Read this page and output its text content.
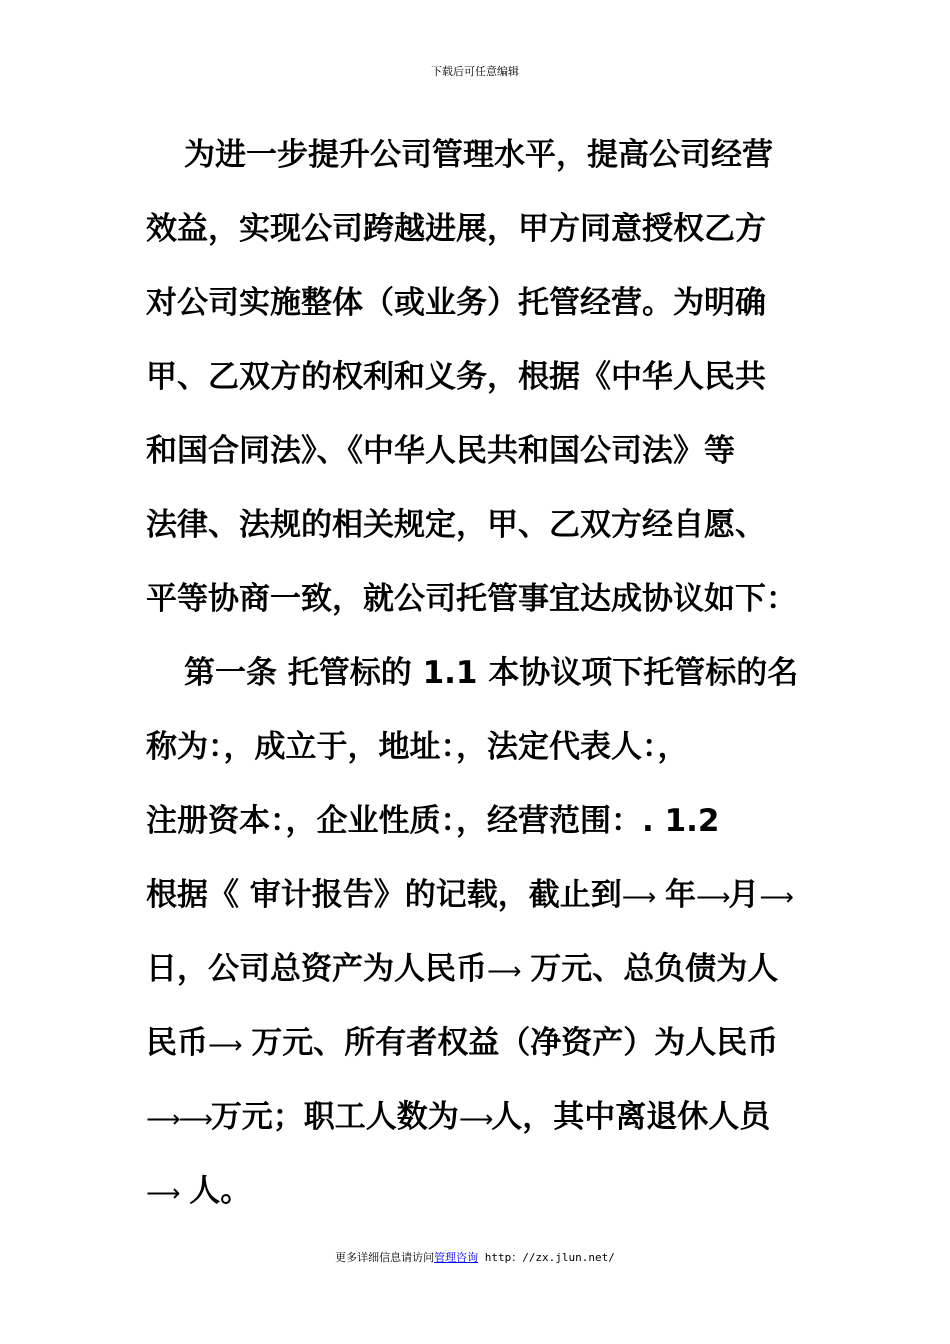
下载后可任意编辑
为进一步提升公司管理水平，提高公司经营
效益，实现公司跨越进展，甲方同意授权乙方
对公司实施整体（或业务）托管经营。为明确
甲、乙双方的权利和义务，根据《中华人民共
和国合同法》、《中华人民共和国公司法》等
法律、法规的相关规定，甲、乙双方经自愿、
平等协商一致，就公司托管事宜达成协议如下：
第一条 托管标的 1.1 本协议项下托管标的名
称为：，成立于，地址：，法定代表人：，
注册资本：，企业性质：，经营范围：. 1.2
根据《 审计报告》的记载，截止到⟶ 年⟶ 月⟶
日，公司总资产为人民币⟶ 万元、总负债为人
民币⟶ 万元、所有者权益（净资产）为人民币
⟶ ⟶ 万元；职工人数为⟶ 人，其中离退休人员
⟶ 人。
更多详细信息请访问管理咨询 http：//zx.jlun.net/
